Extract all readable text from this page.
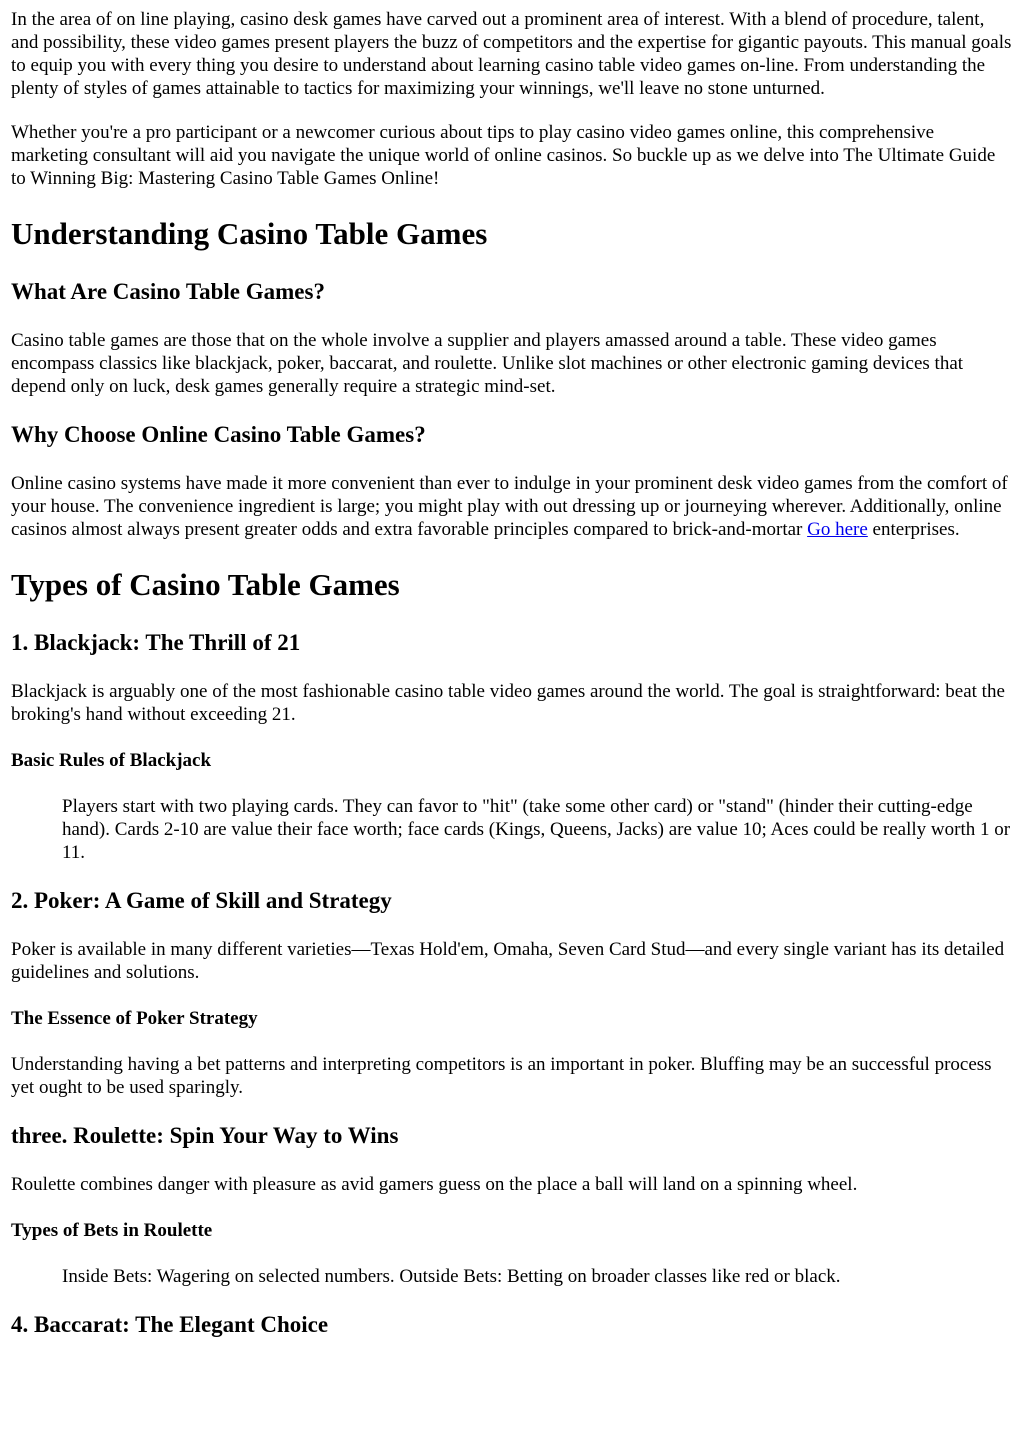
In the area of on line playing, casino desk games have carved out a prominent area of interest. With a blend of procedure, talent, and possibility, these video games present players the buzz of competitors and the expertise for gigantic payouts. This manual goals to equip you with every thing you desire to understand about learning casino table video games on-line. From understanding the plenty of styles of games attainable to tactics for maximizing your winnings, we'll leave no stone unturned.

Whether you're a pro participant or a newcomer curious about tips to play casino video games online, this comprehensive marketing consultant will aid you navigate the unique world of online casinos. So buckle up as we delve into The Ultimate Guide to Winning Big: Mastering Casino Table Games Online!

Understanding Casino Table Games
What Are Casino Table Games?

Casino table games are those that on the whole involve a supplier and players amassed around a table. These video games encompass classics like blackjack, poker, baccarat, and roulette. Unlike slot machines or other electronic gaming devices that depend only on luck, desk games generally require a strategic mind-set.

Why Choose Online Casino Table Games?

Online casino systems have made it more convenient than ever to indulge in your prominent desk video games from the comfort of your house. The convenience ingredient is large; you might play with out dressing up or journeying wherever. Additionally, online casinos almost always present greater odds and extra favorable principles compared to brick-and-mortar Go here enterprises.

Types of Casino Table Games
1. Blackjack: The Thrill of 21

Blackjack is arguably one of the most fashionable casino table video games around the world. The goal is straightforward: beat the broking's hand without exceeding 21.

Basic Rules of Blackjack
Players start with two playing cards. They can favor to "hit" (take some other card) or "stand" (hinder their cutting-edge hand). Cards 2-10 are value their face worth; face cards (Kings, Queens, Jacks) are value 10; Aces could be really worth 1 or 11.
2. Poker: A Game of Skill and Strategy

Poker is available in many different varieties—Texas Hold'em, Omaha, Seven Card Stud—and every single variant has its detailed guidelines and solutions.

The Essence of Poker Strategy

Understanding having a bet patterns and interpreting competitors is an important in poker. Bluffing may be an successful process yet ought to be used sparingly.

three. Roulette: Spin Your Way to Wins

Roulette combines danger with pleasure as avid gamers guess on the place a ball will land on a spinning wheel.

Types of Bets in Roulette
Inside Bets: Wagering on selected numbers. Outside Bets: Betting on broader classes like red or black.
4. Baccarat: The Elegant Choice
